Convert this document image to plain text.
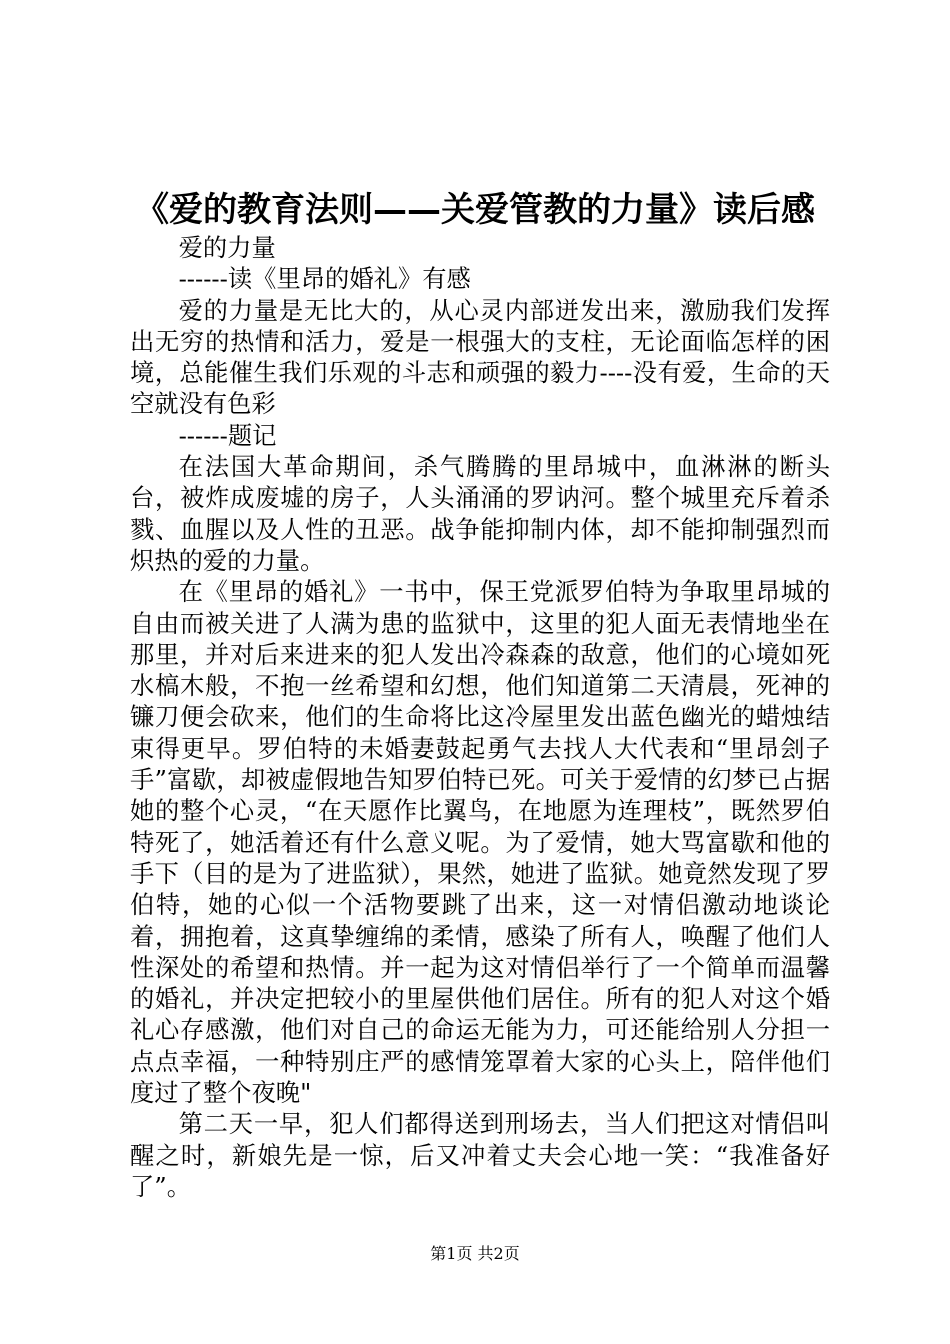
《爱的教育法则——关爱管教的力量》读后感

爱的力量

------读《里昂的婚礼》有感

爱的力量是无比大的，从心灵内部迸发出来，激励我们发挥出无穷的热情和活力，爱是一根强大的支柱，无论面临怎样的困境，总能催生我们乐观的斗志和顽强的毅力----没有爱，生命的天空就没有色彩

------题记

在法国大革命期间，杀气腾腾的里昂城中，血淋淋的断头台，被炸成废墟的房子，人头涌涌的罗讷河。整个城里充斥着杀戮、血腥以及人性的丑恶。战争能抑制内体，却不能抑制强烈而炽热的爱的力量。

在《里昂的婚礼》一书中，保王党派罗伯特为争取里昂城的自由而被关进了人满为患的监狱中，这里的犯人面无表情地坐在那里，并对后来进来的犯人发出冷森森的敌意，他们的心境如死水槁木般，不抱一丝希望和幻想，他们知道第二天清晨，死神的镰刀便会砍来，他们的生命将比这冷屋里发出蓝色幽光的蜡烛结束得更早。罗伯特的未婚妻鼓起勇气去找人大代表和“里昂刽子手”富歇，却被虚假地告知罗伯特已死。可关于爱情的幻梦已占据她的整个心灵，“在天愿作比翼鸟，在地愿为连理枝”，既然罗伯特死了，她活着还有什么意义呢。为了爱情，她大骂富歇和他的手下（目的是为了进监狱），果然，她进了监狱。她竟然发现了罗伯特，她的心似一个活物要跳了出来，这一对情侣激动地谈论着，拥抱着，这真挚缠绵的柔情，感染了所有人，唤醒了他们人性深处的希望和热情。并一起为这对情侣举行了一个简单而温馨的婚礼，并决定把较小的里屋供他们居住。所有的犯人对这个婚礼心存感激，他们对自己的命运无能为力，可还能给别人分担一点点幸福，一种特别庄严的感情笼罩着大家的心头上，陪伴他们度过了整个夜晚"

第二天一早，犯人们都得送到刑场去，当人们把这对情侣叫醒之时，新娘先是一惊，后又冲着丈夫会心地一笑：“我准备好了”。

第1页 共2页
